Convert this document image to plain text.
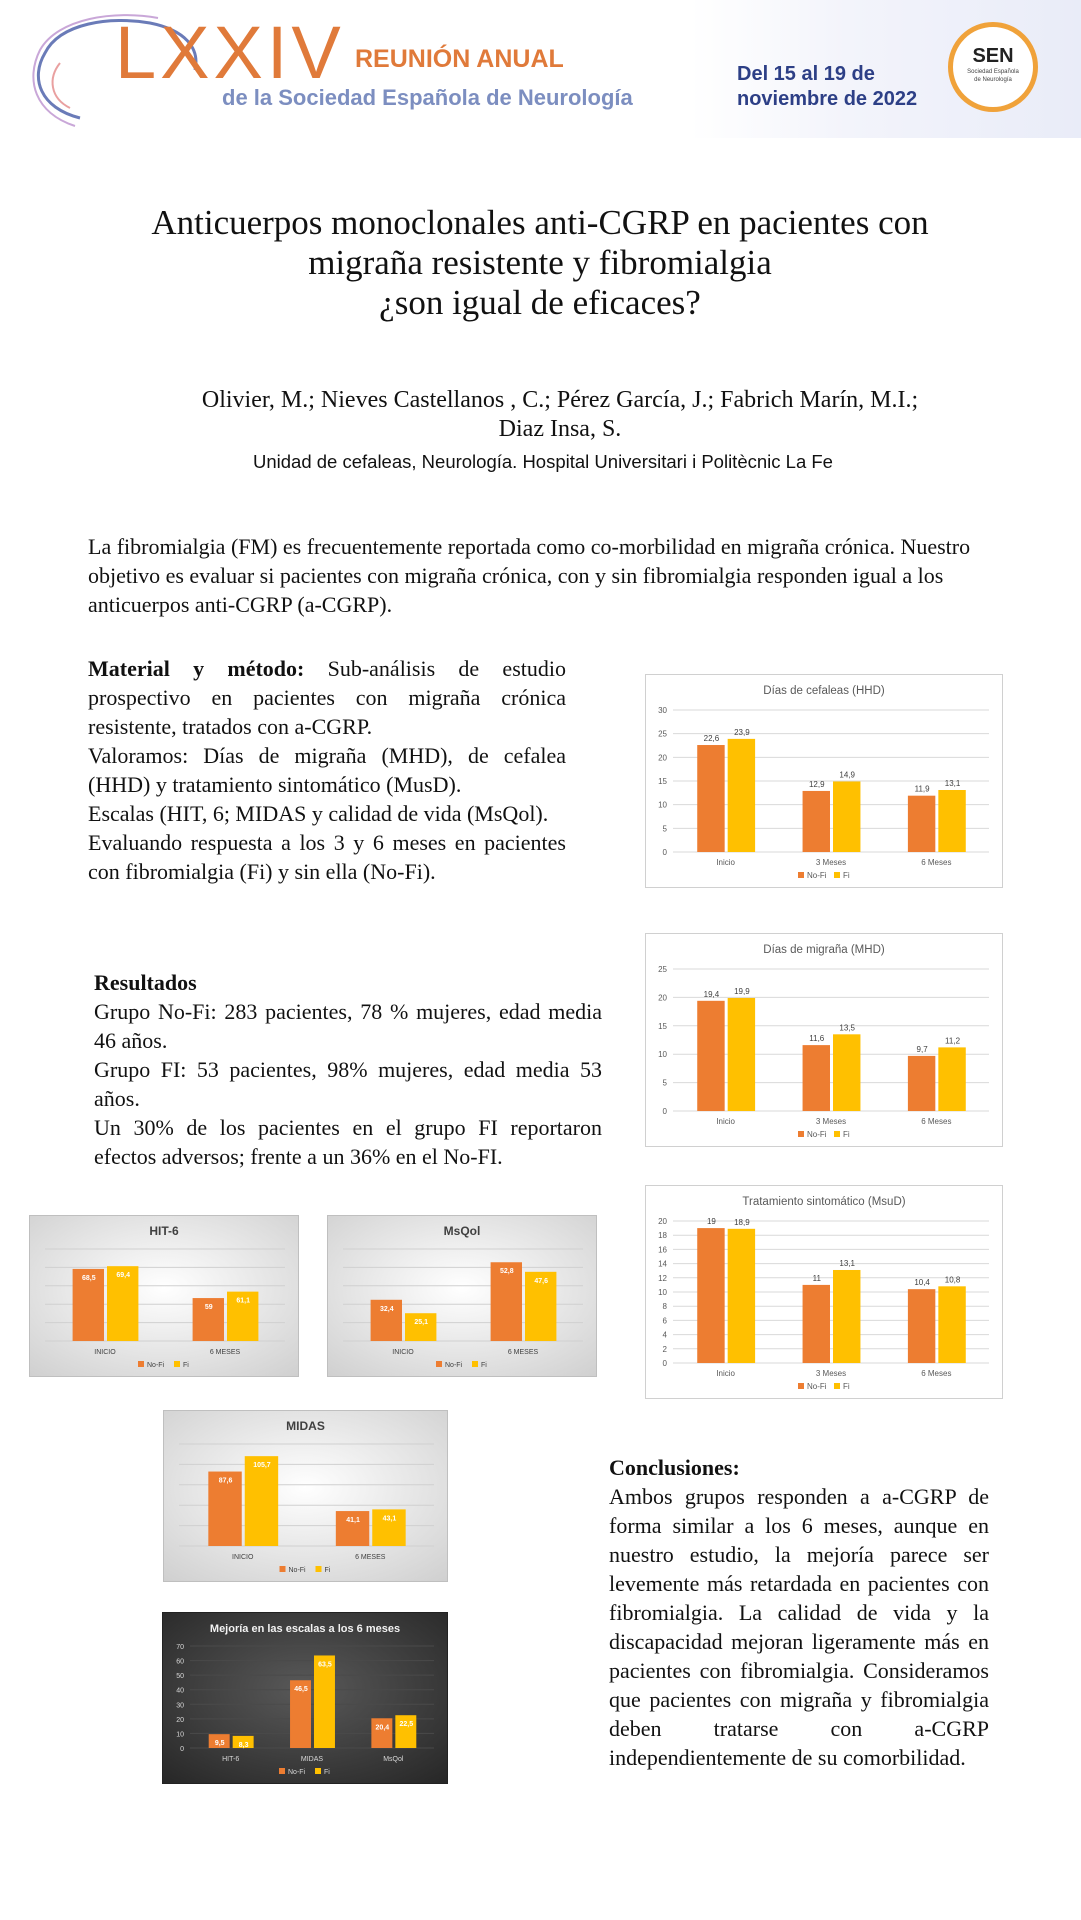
LXXIV REUNIÓN ANUAL
de la Sociedad Española de Neurología
Del 15 al 19 de
noviembre de 2022
SEN
Sociedad Española
de Neurología
Anticuerpos monoclonales anti-CGRP en pacientes con
migraña resistente y fibromialgia
¿son igual de eficaces?
Olivier, M.; Nieves Castellanos , C.; Pérez García, J.; Fabrich Marín, M.I.;
Diaz Insa, S.
Unidad de cefaleas, Neurología. Hospital Universitari i Politècnic La Fe
La fibromialgia (FM) es frecuentemente reportada como co-morbilidad en migraña crónica. Nuestro objetivo es evaluar si pacientes con migraña crónica, con y sin fibromialgia responden igual a los anticuerpos anti-CGRP (a-CGRP).

Material y método: Sub-análisis de estudio prospectivo en pacientes con migraña crónica resistente, tratados con a-CGRP.

Valoramos: Días de migraña (MHD), de cefalea (HHD) y tratamiento sintomático (MusD).

Escalas (HIT, 6; MIDAS y calidad de vida (MsQol).

Evaluando respuesta a los 3 y 6 meses en pacientes con fibromialgia (Fi) y sin ella (No-Fi).

Resultados

Grupo No-Fi: 283 pacientes, 78 % mujeres, edad media 46 años.

Grupo FI: 53 pacientes, 98% mujeres, edad media 53 años.

Un 30% de los pacientes en el grupo FI reportaron efectos adversos; frente a un 36% en el No-FI.

Conclusiones:

Ambos grupos responden a a-CGRP de forma similar a los 6 meses, aunque en nuestro estudio, la mejoría parece ser levemente más retardada en pacientes con fibromialgia. La calidad de vida y la discapacidad mejoran ligeramente más en pacientes con fibromialgia. Consideramos que pacientes con migraña y fibromialgia deben tratarse con a-CGRP independientemente de su comorbilidad.

Días de cefaleas (HHD)
0
5
10
15
20
25
30
22,6
23,9
Inicio
12,9
14,9
3 Meses
11,9
13,1
6 Meses
No-Fi Fi
Días de migraña (MHD)
0
5
10
15
20
25
19,4 19,9
Inicio
11,6
13,5
3 Meses
9,7
11,2
6 Meses
No-Fi Fi
Tratamiento sintomático (MsuD)
0
2
4
6
8
10
12
14
16
18
20	19 18,9
Inicio
11
13,1
3 Meses
10,4 10,8
6 Meses
No-Fi Fi
HIT-6
68,5	69,4
INICIO
59
61,1
6 MESES
No-Fi	Fi
MsQol
32,4
25,1
INICIO
52,8
47,6
6 MESES
No-Fi	Fi
MIDAS
87,6
105,7
INICIO
41,1	43,1
6 MESES
No-Fi	Fi
Mejoría en las escalas a los 6 meses
0
10
20
30
40
50
60
70
9,5 8,3
HIT-6
46,5
63,5
MIDAS
20,4 22,5
MsQol
No-Fi	Fi
